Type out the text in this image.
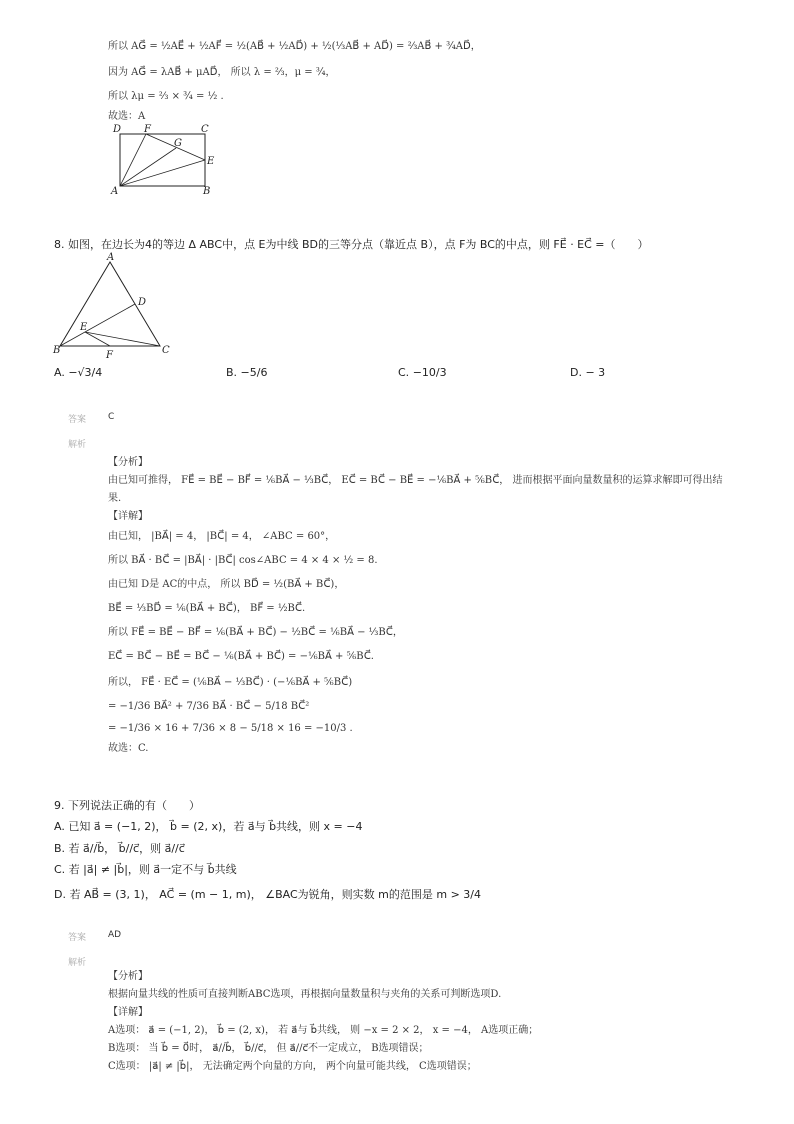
所以 AG⃗ = ½AE⃗ + ½AF⃗ = ½(AB⃗ + ½AD⃗) + ½(⅓AB⃗ + AD⃗) = ⅔AB⃗ + ¾AD⃗，
因为 AG⃗ = λAB⃗ + μAD⃗， 所以 λ = ⅔，μ = ¾，
所以 λμ = ⅔ × ¾ = ½ .
故选：A
D F	C
G
E
A	B
8. 如图，在边长为4的等边 Δ ABC中，点 E为中线 BD的三等分点（靠近点 B），点 F为 BC的中点，则 FE⃗ · EC⃗ =（　　）
A
D
E
B	F	C
A. −√3/4	B. −5/6	C. −10/3	D. − 3
答案 C
解析
【分析】
由已知可推得， FE⃗ = BE⃗ − BF⃗ = ⅙BA⃗ − ⅓BC⃗， EC⃗ = BC⃗ − BE⃗ = −⅙BA⃗ + ⅚BC⃗， 进而根据平面向量数量积的运算求解即可得出结
果.
【详解】
由已知， |BA⃗| = 4， |BC⃗| = 4， ∠ABC = 60°，
所以 BA⃗ · BC⃗ = |BA⃗| · |BC⃗| cos∠ABC = 4 × 4 × ½ = 8.
由已知 D是 AC的中点， 所以 BD⃗ = ½(BA⃗ + BC⃗)，
BE⃗ = ⅓BD⃗ = ⅙(BA⃗ + BC⃗)， BF⃗ = ½BC⃗.
所以 FE⃗ = BE⃗ − BF⃗ = ⅙(BA⃗ + BC⃗) − ½BC⃗ = ⅙BA⃗ − ⅓BC⃗，
EC⃗ = BC⃗ − BE⃗ = BC⃗ − ⅙(BA⃗ + BC⃗) = −⅙BA⃗ + ⅚BC⃗.
所以， FE⃗ · EC⃗ = (⅙BA⃗ − ⅓BC⃗) · (−⅙BA⃗ + ⅚BC⃗)
= −1/36 BA⃗² + 7/36 BA⃗ · BC⃗ − 5/18 BC⃗²
= −1/36 × 16 + 7/36 × 8 − 5/18 × 16 = −10/3 .
故选：C.
9. 下列说法正确的有（　　）
A. 已知 a⃗ = (−1, 2)， b⃗ = (2, x)，若 a⃗与 b⃗共线，则 x = −4
B. 若 a⃗//b⃗， b⃗//c⃗，则 a⃗//c⃗
C. 若 |a⃗| ≠ |b⃗|，则 a⃗一定不与 b⃗共线
D. 若 AB⃗ = (3, 1)， AC⃗ = (m − 1, m)， ∠BAC为锐角，则实数 m的范围是 m > 3/4
答案 AD
解析
【分析】
根据向量共线的性质可直接判断ABC选项，再根据向量数量积与夹角的关系可判断选项D.
【详解】
A选项： a⃗ = (−1, 2)， b⃗ = (2, x)， 若 a⃗与 b⃗共线， 则 −x = 2 × 2， x = −4， A选项正确；
B选项： 当 b⃗ = 0⃗时， a⃗//b⃗， b⃗//c⃗， 但 a⃗//c⃗不一定成立， B选项错误；
C选项： |a⃗| ≠ |b⃗|， 无法确定两个向量的方向， 两个向量可能共线， C选项错误；
